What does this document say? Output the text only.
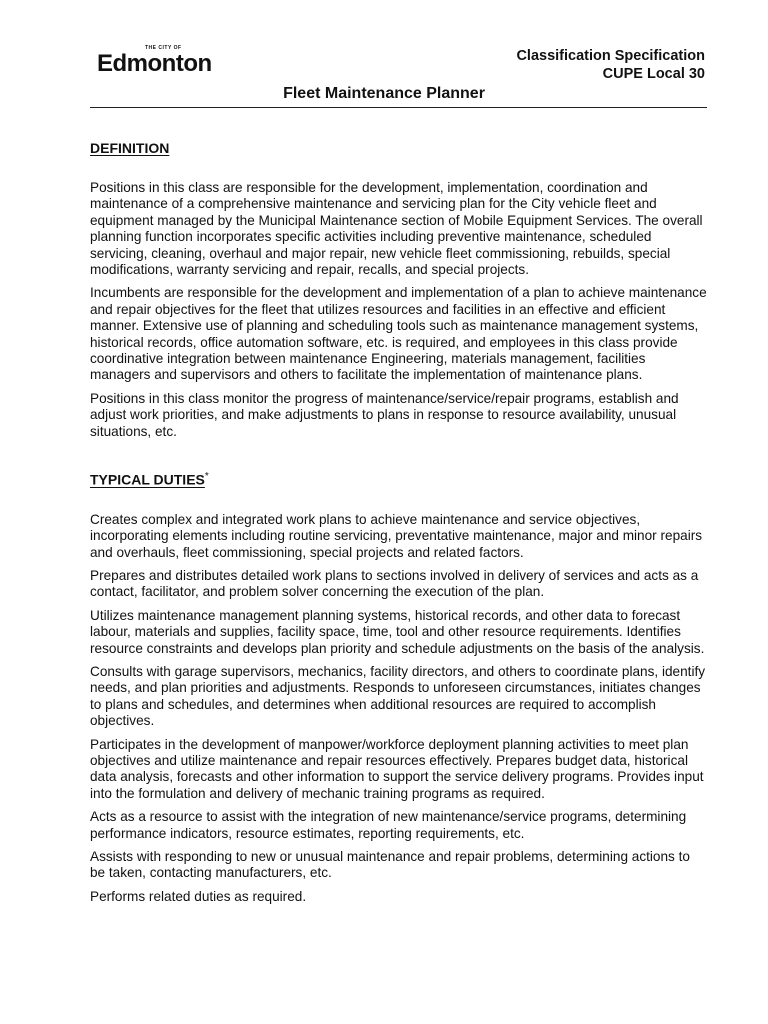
THE CITY OF
Edmonton	Classification Specification
CUPE Local 30
Fleet Maintenance Planner
DEFINITION

Positions in this class are responsible for the development, implementation, coordination and maintenance of a comprehensive maintenance and servicing plan for the City vehicle fleet and equipment managed by the Municipal Maintenance section of Mobile Equipment Services. The overall planning function incorporates specific activities including preventive maintenance, scheduled servicing, cleaning, overhaul and major repair, new vehicle fleet commissioning, rebuilds, special modifications, warranty servicing and repair, recalls, and special projects.

Incumbents are responsible for the development and implementation of a plan to achieve maintenance and repair objectives for the fleet that utilizes resources and facilities in an effective and efficient manner. Extensive use of planning and scheduling tools such as maintenance management systems, historical records, office automation software, etc. is required, and employees in this class provide coordinative integration between maintenance Engineering, materials management, facilities managers and supervisors and others to facilitate the implementation of maintenance plans.

Positions in this class monitor the progress of maintenance/service/repair programs, establish and adjust work priorities, and make adjustments to plans in response to resource availability, unusual situations, etc.

TYPICAL DUTIES*

Creates complex and integrated work plans to achieve maintenance and service objectives, incorporating elements including routine servicing, preventative maintenance, major and minor repairs and overhauls, fleet commissioning, special projects and related factors.

Prepares and distributes detailed work plans to sections involved in delivery of services and acts as a contact, facilitator, and problem solver concerning the execution of the plan.

Utilizes maintenance management planning systems, historical records, and other data to forecast labour, materials and supplies, facility space, time, tool and other resource requirements. Identifies resource constraints and develops plan priority and schedule adjustments on the basis of the analysis.

Consults with garage supervisors, mechanics, facility directors, and others to coordinate plans, identify needs, and plan priorities and adjustments. Responds to unforeseen circumstances, initiates changes to plans and schedules, and determines when additional resources are required to accomplish objectives.

Participates in the development of manpower/workforce deployment planning activities to meet plan objectives and utilize maintenance and repair resources effectively. Prepares budget data, historical data analysis, forecasts and other information to support the service delivery programs. Provides input into the formulation and delivery of mechanic training programs as required.

Acts as a resource to assist with the integration of new maintenance/service programs, determining performance indicators, resource estimates, reporting requirements, etc.

Assists with responding to new or unusual maintenance and repair problems, determining actions to be taken, contacting manufacturers, etc.

Performs related duties as required.
